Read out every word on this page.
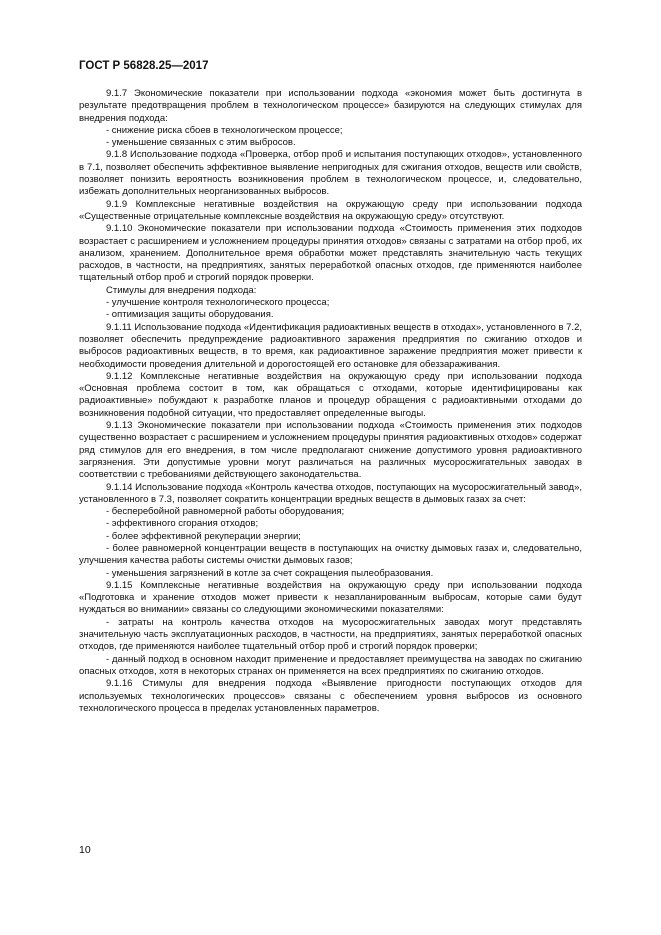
ГОСТ Р 56828.25—2017

9.1.7 Экономические показатели при использовании подхода «экономия может быть достигнута в результате предотвращения проблем в технологическом процессе» базируются на следующих стимулах для внедрения подхода:

- снижение риска сбоев в технологическом процессе;

- уменьшение связанных с этим выбросов.

9.1.8 Использование подхода «Проверка, отбор проб и испытания поступающих отходов», установленного в 7.1, позволяет обеспечить эффективное выявление непригодных для сжигания отходов, веществ или свойств, позволяет понизить вероятность возникновения проблем в технологическом процессе, и, следовательно, избежать дополнительных неорганизованных выбросов.

9.1.9 Комплексные негативные воздействия на окружающую среду при использовании подхода «Существенные отрицательные комплексные воздействия на окружающую среду» отсутствуют.

9.1.10 Экономические показатели при использовании подхода «Стоимость применения этих подходов возрастает с расширением и усложнением процедуры принятия отходов» связаны с затратами на отбор проб, их анализом, хранением. Дополнительное время обработки может представлять значительную часть текущих расходов, в частности, на предприятиях, занятых переработкой опасных отходов, где применяются наиболее тщательный отбор проб и строгий порядок проверки.

Стимулы для внедрения подхода:

- улучшение контроля технологического процесса;

- оптимизация защиты оборудования.

9.1.11 Использование подхода «Идентификация радиоактивных веществ в отходах», установленного в 7.2, позволяет обеспечить предупреждение радиоактивного заражения предприятия по сжиганию отходов и выбросов радиоактивных веществ, в то время, как радиоактивное заражение предприятия может привести к необходимости проведения длительной и дорогостоящей его остановке для обеззараживания.

9.1.12 Комплексные негативные воздействия на окружающую среду при использовании подхода «Основная проблема состоит в том, как обращаться с отходами, которые идентифицированы как радиоактивные» побуждают к разработке планов и процедур обращения с радиоактивными отходами до возникновения подобной ситуации, что предоставляет определенные выгоды.

9.1.13 Экономические показатели при использовании подхода «Стоимость применения этих подходов существенно возрастает с расширением и усложнением процедуры принятия радиоактивных отходов» содержат ряд стимулов для его внедрения, в том числе предполагают снижение допустимого уровня радиоактивного загрязнения. Эти допустимые уровни могут различаться на различных мусоросжигательных заводах в соответствии с требованиями действующего законодательства.

9.1.14 Использование подхода «Контроль качества отходов, поступающих на мусоросжигательный завод», установленного в 7.3, позволяет сократить концентрации вредных веществ в дымовых газах за счет:

- бесперебойной равномерной работы оборудования;

- эффективного сгорания отходов;

- более эффективной рекуперации энергии;

- более равномерной концентрации веществ в поступающих на очистку дымовых газах и, следовательно, улучшения качества работы системы очистки дымовых газов;

- уменьшения загрязнений в котле за счет сокращения пылеобразования.

9.1.15 Комплексные негативные воздействия на окружающую среду при использовании подхода «Подготовка и хранение отходов может привести к незапланированным выбросам, которые сами будут нуждаться во внимании» связаны со следующими экономическими показателями:

- затраты на контроль качества отходов на мусоросжигательных заводах могут представлять значительную часть эксплуатационных расходов, в частности, на предприятиях, занятых переработкой опасных отходов, где применяются наиболее тщательный отбор проб и строгий порядок проверки;

- данный подход в основном находит применение и предоставляет преимущества на заводах по сжиганию опасных отходов, хотя в некоторых странах он применяется на всех предприятиях по сжиганию отходов.

9.1.16 Стимулы для внедрения подхода «Выявление пригодности поступающих отходов для используемых технологических процессов» связаны с обеспечением уровня выбросов из основного технологического процесса в пределах установленных параметров.

10
